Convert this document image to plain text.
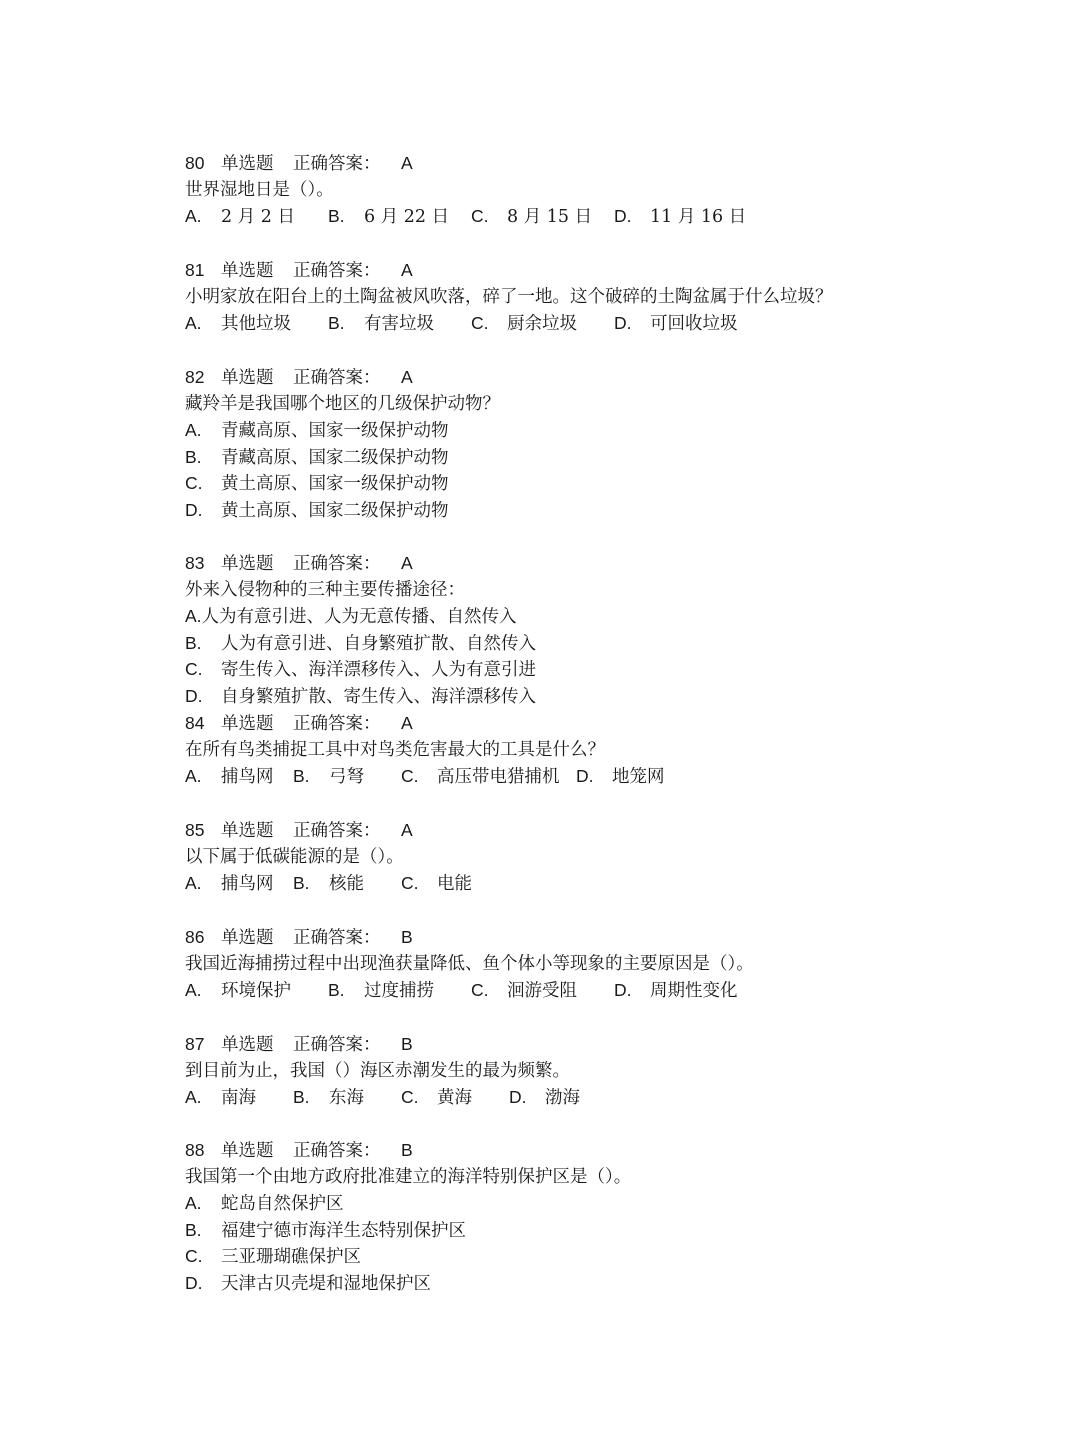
80 单选题 正确答案： A
世界湿地日是（）。
A. 2 月 2 日 B. 6 月 22 日 C. 8 月 15 日 D. 11 月 16 日
81 单选题 正确答案： A
小明家放在阳台上的土陶盆被风吹落，碎了一地。这个破碎的土陶盆属于什么垃圾？
A. 其他垃圾 B. 有害垃圾 C. 厨余垃圾 D. 可回收垃圾
82 单选题 正确答案： A
藏羚羊是我国哪个地区的几级保护动物？
A. 青藏高原、国家一级保护动物
B. 青藏高原、国家二级保护动物
C. 黄土高原、国家一级保护动物
D. 黄土高原、国家二级保护动物
83 单选题 正确答案： A
外来入侵物种的三种主要传播途径：
A.人为有意引进、人为无意传播、自然传入
B. 人为有意引进、自身繁殖扩散、自然传入
C. 寄生传入、海洋漂移传入、人为有意引进
D. 自身繁殖扩散、寄生传入、海洋漂移传入
84 单选题 正确答案： A
在所有鸟类捕捉工具中对鸟类危害最大的工具是什么？
A. 捕鸟网 B. 弓弩 C. 高压带电猎捕机 D. 地笼网
85 单选题 正确答案： A
以下属于低碳能源的是（）。
A. 捕鸟网 B. 核能 C. 电能
86 单选题 正确答案： B
我国近海捕捞过程中出现渔获量降低、鱼个体小等现象的主要原因是（）。
A. 环境保护 B. 过度捕捞 C. 洄游受阻 D. 周期性变化
87 单选题 正确答案： B
到目前为止，我国（）海区赤潮发生的最为频繁。
A. 南海 B. 东海 C. 黄海 D. 渤海
88 单选题 正确答案： B
我国第一个由地方政府批准建立的海洋特别保护区是（）。
A. 蛇岛自然保护区
B. 福建宁德市海洋生态特别保护区
C. 三亚珊瑚礁保护区
D. 天津古贝壳堤和湿地保护区
